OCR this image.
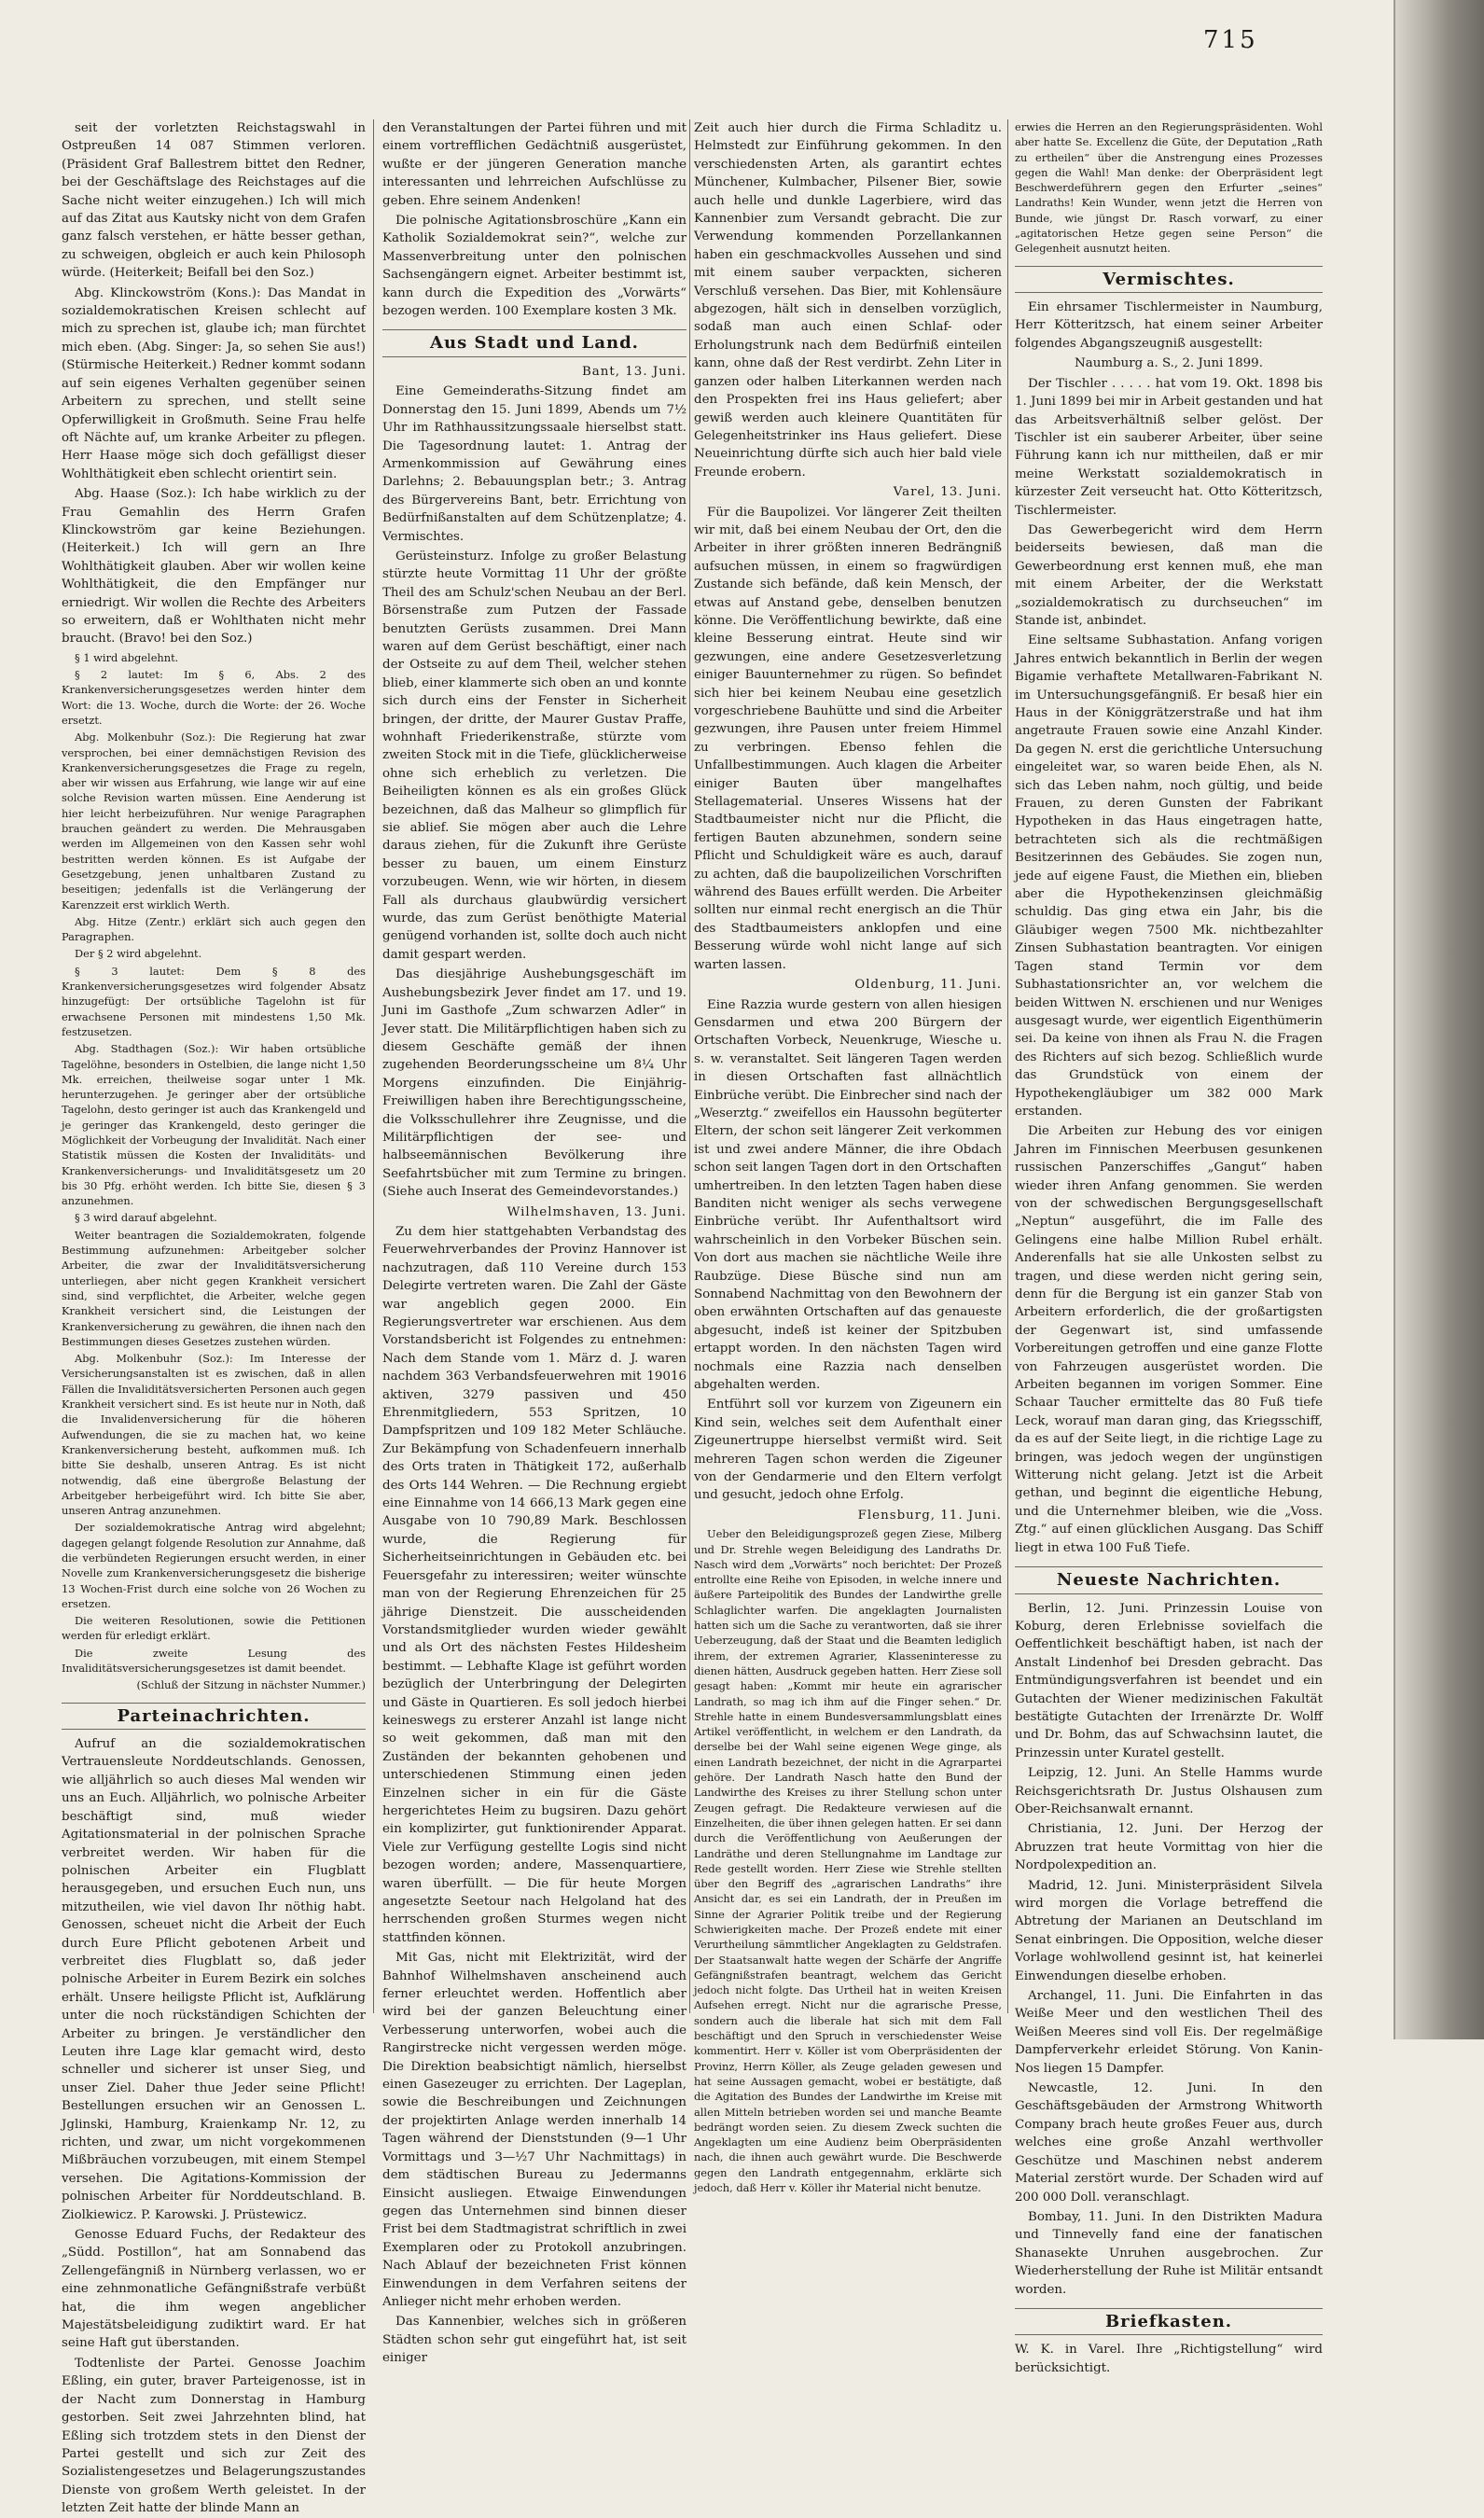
715

seit der vorletzten Reichstagswahl in Ostpreußen 14 087 Stimmen verloren. (Präsident Graf Ballestrem bittet den Redner, bei der Geschäftslage des Reichstages auf die Sache nicht weiter einzugehen.) Ich will mich auf das Zitat aus Kautsky nicht von dem Grafen ganz falsch verstehen, er hätte besser gethan, zu schweigen, obgleich er auch kein Philosoph würde. (Heiterkeit; Beifall bei den Soz.)

Abg. Klinckowström (Kons.): Das Mandat in sozialdemokratischen Kreisen schlecht auf mich zu sprechen ist, glaube ich; man fürchtet mich eben. (Abg. Singer: Ja, so sehen Sie aus!) (Stürmische Heiterkeit.) Redner kommt sodann auf sein eigenes Verhalten gegenüber seinen Arbeitern zu sprechen, und stellt seine Opferwilligkeit in Großmuth. Seine Frau helfe oft Nächte auf, um kranke Arbeiter zu pflegen. Herr Haase möge sich doch gefälligst dieser Wohlthätigkeit eben schlecht orientirt sein.

Abg. Haase (Soz.): Ich habe wirklich zu der Frau Gemahlin des Herrn Grafen Klinckowström gar keine Beziehungen. (Heiterkeit.) Ich will gern an Ihre Wohlthätigkeit glauben. Aber wir wollen keine Wohlthätigkeit, die den Empfänger nur erniedrigt. Wir wollen die Rechte des Arbeiters so erweitern, daß er Wohlthaten nicht mehr braucht. (Bravo! bei den Soz.)

§ 1 wird abgelehnt.

§ 2 lautet: Im § 6, Abs. 2 des Krankenversicherungsgesetzes werden hinter dem Wort: die 13. Woche, durch die Worte: der 26. Woche ersetzt.

Abg. Molkenbuhr (Soz.): Die Regierung hat zwar versprochen, bei einer demnächstigen Revision des Krankenversicherungsgesetzes die Frage zu regeln, aber wir wissen aus Erfahrung, wie lange wir auf eine solche Revision warten müssen. Eine Aenderung ist hier leicht herbeizuführen. Nur wenige Paragraphen brauchen geändert zu werden. Die Mehrausgaben werden im Allgemeinen von den Kassen sehr wohl bestritten werden können. Es ist Aufgabe der Gesetzgebung, jenen unhaltbaren Zustand zu beseitigen; jedenfalls ist die Verlängerung der Karenzzeit erst wirklich Werth.

Abg. Hitze (Zentr.) erklärt sich auch gegen den Paragraphen.

Der § 2 wird abgelehnt.

§ 3 lautet: Dem § 8 des Krankenversicherungsgesetzes wird folgender Absatz hinzugefügt: Der ortsübliche Tagelohn ist für erwachsene Personen mit mindestens 1,50 Mk. festzusetzen.

Abg. Stadthagen (Soz.): Wir haben ortsübliche Tagelöhne, besonders in Ostelbien, die lange nicht 1,50 Mk. erreichen, theilweise sogar unter 1 Mk. herunterzugehen. Je geringer aber der ortsübliche Tagelohn, desto geringer ist auch das Krankengeld und je geringer das Krankengeld, desto geringer die Möglichkeit der Vorbeugung der Invalidität. Nach einer Statistik müssen die Kosten der Invaliditäts- und Krankenversicherungs- und Invaliditätsgesetz um 20 bis 30 Pfg. erhöht werden. Ich bitte Sie, diesen § 3 anzunehmen.

§ 3 wird darauf abgelehnt.

Weiter beantragen die Sozialdemokraten, folgende Bestimmung aufzunehmen: Arbeitgeber solcher Arbeiter, die zwar der Invaliditätsversicherung unterliegen, aber nicht gegen Krankheit versichert sind, sind verpflichtet, die Arbeiter, welche gegen Krankheit versichert sind, die Leistungen der Krankenversicherung zu gewähren, die ihnen nach den Bestimmungen dieses Gesetzes zustehen würden.

Abg. Molkenbuhr (Soz.): Im Interesse der Versicherungsanstalten ist es zwischen, daß in allen Fällen die Invaliditätsversicherten Personen auch gegen Krankheit versichert sind. Es ist heute nur in Noth, daß die Invalidenversicherung für die höheren Aufwendungen, die sie zu machen hat, wo keine Krankenversicherung besteht, aufkommen muß. Ich bitte Sie deshalb, unseren Antrag. Es ist nicht notwendig, daß eine übergroße Belastung der Arbeitgeber herbeigeführt wird. Ich bitte Sie aber, unseren Antrag anzunehmen.

Der sozialdemokratische Antrag wird abgelehnt; dagegen gelangt folgende Resolution zur Annahme, daß die verbündeten Regierungen ersucht werden, in einer Novelle zum Krankenversicherungsgesetz die bisherige 13 Wochen-Frist durch eine solche von 26 Wochen zu ersetzen.

Die weiteren Resolutionen, sowie die Petitionen werden für erledigt erklärt.

Die zweite Lesung des Invaliditätsversicherungsgesetzes ist damit beendet.

(Schluß der Sitzung in nächster Nummer.)

Parteinachrichten.

Aufruf an die sozialdemokratischen Vertrauensleute Norddeutschlands. Genossen, wie alljährlich so auch dieses Mal wenden wir uns an Euch. Alljährlich, wo polnische Arbeiter beschäftigt sind, muß wieder Agitationsmaterial in der polnischen Sprache verbreitet werden. Wir haben für die polnischen Arbeiter ein Flugblatt herausgegeben, und ersuchen Euch nun, uns mitzutheilen, wie viel davon Ihr nöthig habt. Genossen, scheuet nicht die Arbeit der Euch durch Eure Pflicht gebotenen Arbeit und verbreitet dies Flugblatt so, daß jeder polnische Arbeiter in Eurem Bezirk ein solches erhält. Unsere heiligste Pflicht ist, Aufklärung unter die noch rückständigen Schichten der Arbeiter zu bringen. Je verständlicher den Leuten ihre Lage klar gemacht wird, desto schneller und sicherer ist unser Sieg, und unser Ziel. Daher thue Jeder seine Pflicht! Bestellungen ersuchen wir an Genossen L. Jglinski, Hamburg, Kraienkamp Nr. 12, zu richten, und zwar, um nicht vorgekommenen Mißbräuchen vorzubeugen, mit einem Stempel versehen. Die Agitations-Kommission der polnischen Arbeiter für Norddeutschland. B. Ziolkiewicz. P. Karowski. J. Prüstewicz.

Genosse Eduard Fuchs, der Redakteur des „Südd. Postillon“, hat am Sonnabend das Zellengefängniß in Nürnberg verlassen, wo er eine zehnmonatliche Gefängnißstrafe verbüßt hat, die ihm wegen angeblicher Majestätsbeleidigung zudiktirt ward. Er hat seine Haft gut überstanden.

Todtenliste der Partei. Genosse Joachim Eßling, ein guter, braver Parteigenosse, ist in der Nacht zum Donnerstag in Hamburg gestorben. Seit zwei Jahrzehnten blind, hat Eßling sich trotzdem stets in den Dienst der Partei gestellt und sich zur Zeit des Sozialistengesetzes und Belagerungszustandes Dienste von großem Werth geleistet. In der letzten Zeit hatte der blinde Mann an

den Veranstaltungen der Partei führen und mit einem vortrefflichen Gedächtniß ausgerüstet, wußte er der jüngeren Generation manche interessanten und lehrreichen Aufschlüsse zu geben. Ehre seinem Andenken!

Die polnische Agitationsbroschüre „Kann ein Katholik Sozialdemokrat sein?“, welche zur Massenverbreitung unter den polnischen Sachsengängern eignet. Arbeiter bestimmt ist, kann durch die Expedition des „Vorwärts“ bezogen werden. 100 Exemplare kosten 3 Mk.

Aus Stadt und Land.

Bant, 13. Juni.

Eine Gemeinderaths-Sitzung findet am Donnerstag den 15. Juni 1899, Abends um 7½ Uhr im Rathhaussitzungssaale hierselbst statt. Die Tagesordnung lautet: 1. Antrag der Armenkommission auf Gewährung eines Darlehns; 2. Bebauungsplan betr.; 3. Antrag des Bürgervereins Bant, betr. Errichtung von Bedürfnißanstalten auf dem Schützenplatze; 4. Vermischtes.

Gerüsteinsturz. Infolge zu großer Belastung stürzte heute Vormittag 11 Uhr der größte Theil des am Schulz'schen Neubau an der Berl. Börsenstraße zum Putzen der Fassade benutzten Gerüsts zusammen. Drei Mann waren auf dem Gerüst beschäftigt, einer nach der Ostseite zu auf dem Theil, welcher stehen blieb, einer klammerte sich oben an und konnte sich durch eins der Fenster in Sicherheit bringen, der dritte, der Maurer Gustav Praffe, wohnhaft Friederikenstraße, stürzte vom zweiten Stock mit in die Tiefe, glücklicherweise ohne sich erheblich zu verletzen. Die Beiheiligten können es als ein großes Glück bezeichnen, daß das Malheur so glimpflich für sie ablief. Sie mögen aber auch die Lehre daraus ziehen, für die Zukunft ihre Gerüste besser zu bauen, um einem Einsturz vorzubeugen. Wenn, wie wir hörten, in diesem Fall als durchaus glaubwürdig versichert wurde, das zum Gerüst benöthigte Material genügend vorhanden ist, sollte doch auch nicht damit gespart werden.

Das diesjährige Aushebungsgeschäft im Aushebungsbezirk Jever findet am 17. und 19. Juni im Gasthofe „Zum schwarzen Adler“ in Jever statt. Die Militärpflichtigen haben sich zu diesem Geschäfte gemäß der ihnen zugehenden Beorderungsscheine um 8¼ Uhr Morgens einzufinden. Die Einjährig-Freiwilligen haben ihre Berechtigungsscheine, die Volksschullehrer ihre Zeugnisse, und die Militärpflichtigen der see- und halbseemännischen Bevölkerung ihre Seefahrtsbücher mit zum Termine zu bringen. (Siehe auch Inserat des Gemeindevorstandes.)

Wilhelmshaven, 13. Juni.

Zu dem hier stattgehabten Verbandstag des Feuerwehrverbandes der Provinz Hannover ist nachzutragen, daß 110 Vereine durch 153 Delegirte vertreten waren. Die Zahl der Gäste war angeblich gegen 2000. Ein Regierungsvertreter war erschienen. Aus dem Vorstandsbericht ist Folgendes zu entnehmen: Nach dem Stande vom 1. März d. J. waren nachdem 363 Verbandsfeuerwehren mit 19016 aktiven, 3279 passiven und 450 Ehrenmitgliedern, 553 Spritzen, 10 Dampfspritzen und 109 182 Meter Schläuche. Zur Bekämpfung von Schadenfeuern innerhalb des Orts traten in Thätigkeit 172, außerhalb des Orts 144 Wehren. — Die Rechnung ergiebt eine Einnahme von 14 666,13 Mark gegen eine Ausgabe von 10 790,89 Mark. Beschlossen wurde, die Regierung für Sicherheitseinrichtungen in Gebäuden etc. bei Feuersgefahr zu interessiren; weiter wünschte man von der Regierung Ehrenzeichen für 25 jährige Dienstzeit. Die ausscheidenden Vorstandsmitglieder wurden wieder gewählt und als Ort des nächsten Festes Hildesheim bestimmt. — Lebhafte Klage ist geführt worden bezüglich der Unterbringung der Delegirten und Gäste in Quartieren. Es soll jedoch hierbei keineswegs zu ersterer Anzahl ist lange nicht so weit gekommen, daß man mit den Zuständen der bekannten gehobenen und unterschiedenen Stimmung einen jeden Einzelnen sicher in ein für die Gäste hergerichtetes Heim zu bugsiren. Dazu gehört ein komplizirter, gut funktionirender Apparat. Viele zur Verfügung gestellte Logis sind nicht bezogen worden; andere, Massenquartiere, waren überfüllt. — Die für heute Morgen angesetzte Seetour nach Helgoland hat des herrschenden großen Sturmes wegen nicht stattfinden können.

Mit Gas, nicht mit Elektrizität, wird der Bahnhof Wilhelmshaven anscheinend auch ferner erleuchtet werden. Hoffentlich aber wird bei der ganzen Beleuchtung einer Verbesserung unterworfen, wobei auch die Rangirstrecke nicht vergessen werden möge. Die Direktion beabsichtigt nämlich, hierselbst einen Gasezeuger zu errichten. Der Lageplan, sowie die Beschreibungen und Zeichnungen der projektirten Anlage werden innerhalb 14 Tagen während der Dienststunden (9—1 Uhr Vormittags und 3—½7 Uhr Nachmittags) in dem städtischen Bureau zu Jedermanns Einsicht ausliegen. Etwaige Einwendungen gegen das Unternehmen sind binnen dieser Frist bei dem Stadtmagistrat schriftlich in zwei Exemplaren oder zu Protokoll anzubringen. Nach Ablauf der bezeichneten Frist können Einwendungen in dem Verfahren seitens der Anlieger nicht mehr erhoben werden.

Das Kannenbier, welches sich in größeren Städten schon sehr gut eingeführt hat, ist seit einiger

Zeit auch hier durch die Firma Schladitz u. Helmstedt zur Einführung gekommen. In den verschiedensten Arten, als garantirt echtes Münchener, Kulmbacher, Pilsener Bier, sowie auch helle und dunkle Lagerbiere, wird das Kannenbier zum Versandt gebracht. Die zur Verwendung kommenden Porzellankannen haben ein geschmackvolles Aussehen und sind mit einem sauber verpackten, sicheren Verschluß versehen. Das Bier, mit Kohlensäure abgezogen, hält sich in denselben vorzüglich, sodaß man auch einen Schlaf- oder Erholungstrunk nach dem Bedürfniß einteilen kann, ohne daß der Rest verdirbt. Zehn Liter in ganzen oder halben Literkannen werden nach den Prospekten frei ins Haus geliefert; aber gewiß werden auch kleinere Quantitäten für Gelegenheitstrinker ins Haus geliefert. Diese Neueinrichtung dürfte sich auch hier bald viele Freunde erobern.

Varel, 13. Juni.

Für die Baupolizei. Vor längerer Zeit theilten wir mit, daß bei einem Neubau der Ort, den die Arbeiter in ihrer größten inneren Bedrängniß aufsuchen müssen, in einem so fragwürdigen Zustande sich befände, daß kein Mensch, der etwas auf Anstand gebe, denselben benutzen könne. Die Veröffentlichung bewirkte, daß eine kleine Besserung eintrat. Heute sind wir gezwungen, eine andere Gesetzesverletzung einiger Bauunternehmer zu rügen. So befindet sich hier bei keinem Neubau eine gesetzlich vorgeschriebene Bauhütte und sind die Arbeiter gezwungen, ihre Pausen unter freiem Himmel zu verbringen. Ebenso fehlen die Unfallbestimmungen. Auch klagen die Arbeiter einiger Bauten über mangelhaftes Stellagematerial. Unseres Wissens hat der Stadtbaumeister nicht nur die Pflicht, die fertigen Bauten abzunehmen, sondern seine Pflicht und Schuldigkeit wäre es auch, darauf zu achten, daß die baupolizeilichen Vorschriften während des Baues erfüllt werden. Die Arbeiter sollten nur einmal recht energisch an die Thür des Stadtbaumeisters anklopfen und eine Besserung würde wohl nicht lange auf sich warten lassen.

Oldenburg, 11. Juni.

Eine Razzia wurde gestern von allen hiesigen Gensdarmen und etwa 200 Bürgern der Ortschaften Vorbeck, Neuenkruge, Wiesche u. s. w. veranstaltet. Seit längeren Tagen werden in diesen Ortschaften fast allnächtlich Einbrüche verübt. Die Einbrecher sind nach der „Weserztg.“ zweifellos ein Haussohn begüterter Eltern, der schon seit längerer Zeit verkommen ist und zwei andere Männer, die ihre Obdach schon seit langen Tagen dort in den Ortschaften umhertreiben. In den letzten Tagen haben diese Banditen nicht weniger als sechs verwegene Einbrüche verübt. Ihr Aufenthaltsort wird wahrscheinlich in den Vorbeker Büschen sein. Von dort aus machen sie nächtliche Weile ihre Raubzüge. Diese Büsche sind nun am Sonnabend Nachmittag von den Bewohnern der oben erwähnten Ortschaften auf das genaueste abgesucht, indeß ist keiner der Spitzbuben ertappt worden. In den nächsten Tagen wird nochmals eine Razzia nach denselben abgehalten werden.

Entführt soll vor kurzem von Zigeunern ein Kind sein, welches seit dem Aufenthalt einer Zigeunertruppe hierselbst vermißt wird. Seit mehreren Tagen schon werden die Zigeuner von der Gendarmerie und den Eltern verfolgt und gesucht, jedoch ohne Erfolg.

Flensburg, 11. Juni.

Ueber den Beleidigungsprozeß gegen Ziese, Milberg und Dr. Strehle wegen Beleidigung des Landraths Dr. Nasch wird dem „Vorwärts“ noch berichtet: Der Prozeß entrollte eine Reihe von Episoden, in welche innere und äußere Parteipolitik des Bundes der Landwirthe grelle Schlaglichter warfen. Die angeklagten Journalisten hatten sich um die Sache zu verantworten, daß sie ihrer Ueberzeugung, daß der Staat und die Beamten lediglich ihrem, der extremen Agrarier, Klasseninteresse zu dienen hätten, Ausdruck gegeben hatten. Herr Ziese soll gesagt haben: „Kommt mir heute ein agrarischer Landrath, so mag ich ihm auf die Finger sehen.“ Dr. Strehle hatte in einem Bundesversammlungsblatt eines Artikel veröffentlicht, in welchem er den Landrath, da derselbe bei der Wahl seine eigenen Wege ginge, als einen Landrath bezeichnet, der nicht in die Agrarpartei gehöre. Der Landrath Nasch hatte den Bund der Landwirthe des Kreises zu ihrer Stellung schon unter Zeugen gefragt. Die Redakteure verwiesen auf die Einzelheiten, die über ihnen gelegen hatten. Er sei dann durch die Veröffentlichung von Aeußerungen der Landräthe und deren Stellungnahme im Landtage zur Rede gestellt worden. Herr Ziese wie Strehle stellten über den Begriff des „agrarischen Landraths“ ihre Ansicht dar, es sei ein Landrath, der in Preußen im Sinne der Agrarier Politik treibe und der Regierung Schwierigkeiten mache. Der Prozeß endete mit einer Verurtheilung sämmtlicher Angeklagten zu Geldstrafen. Der Staatsanwalt hatte wegen der Schärfe der Angriffe Gefängnißstrafen beantragt, welchem das Gericht jedoch nicht folgte. Das Urtheil hat in weiten Kreisen Aufsehen erregt. Nicht nur die agrarische Presse, sondern auch die liberale hat sich mit dem Fall beschäftigt und den Spruch in verschiedenster Weise kommentirt. Herr v. Köller ist vom Oberpräsidenten der Provinz, Herrn Köller, als Zeuge geladen gewesen und hat seine Aussagen gemacht, wobei er bestätigte, daß die Agitation des Bundes der Landwirthe im Kreise mit allen Mitteln betrieben worden sei und manche Beamte bedrängt worden seien. Zu diesem Zweck suchten die Angeklagten um eine Audienz beim Oberpräsidenten nach, die ihnen auch gewährt wurde. Die Beschwerde gegen den Landrath entgegennahm, erklärte sich jedoch, daß Herr v. Köller ihr Material nicht benutze.

erwies die Herren an den Regierungspräsidenten. Wohl aber hatte Se. Excellenz die Güte, der Deputation „Rath zu ertheilen“ über die Anstrengung eines Prozesses gegen die Wahl! Man denke: der Oberpräsident legt Beschwerdeführern gegen den Erfurter „seines“ Landraths! Kein Wunder, wenn jetzt die Herren von Bunde, wie jüngst Dr. Rasch vorwarf, zu einer „agitatorischen Hetze gegen seine Person“ die Gelegenheit ausnutzt heiten.

Vermischtes.

Ein ehrsamer Tischlermeister in Naumburg, Herr Kötteritzsch, hat einem seiner Arbeiter folgendes Abgangszeugniß ausgestellt:

Naumburg a. S., 2. Juni 1899.

Der Tischler . . . . . hat vom 19. Okt. 1898 bis 1. Juni 1899 bei mir in Arbeit gestanden und hat das Arbeitsverhältniß selber gelöst. Der Tischler ist ein sauberer Arbeiter, über seine Führung kann ich nur mittheilen, daß er mir meine Werkstatt sozialdemokratisch in kürzester Zeit verseucht hat. Otto Kötteritzsch, Tischlermeister.

Das Gewerbegericht wird dem Herrn beiderseits bewiesen, daß man die Gewerbeordnung erst kennen muß, ehe man mit einem Arbeiter, der die Werkstatt „sozialdemokratisch zu durchseuchen“ im Stande ist, anbindet.

Eine seltsame Subhastation. Anfang vorigen Jahres entwich bekanntlich in Berlin der wegen Bigamie verhaftete Metallwaren-Fabrikant N. im Untersuchungsgefängniß. Er besaß hier ein Haus in der Königgrätzerstraße und hat ihm angetraute Frauen sowie eine Anzahl Kinder. Da gegen N. erst die gerichtliche Untersuchung eingeleitet war, so waren beide Ehen, als N. sich das Leben nahm, noch gültig, und beide Frauen, zu deren Gunsten der Fabrikant Hypotheken in das Haus eingetragen hatte, betrachteten sich als die rechtmäßigen Besitzerinnen des Gebäudes. Sie zogen nun, jede auf eigene Faust, die Miethen ein, blieben aber die Hypothekenzinsen gleichmäßig schuldig. Das ging etwa ein Jahr, bis die Gläubiger wegen 7500 Mk. nichtbezahlter Zinsen Subhastation beantragten. Vor einigen Tagen stand Termin vor dem Subhastationsrichter an, vor welchem die beiden Wittwen N. erschienen und nur Weniges ausgesagt wurde, wer eigentlich Eigenthümerin sei. Da keine von ihnen als Frau N. die Fragen des Richters auf sich bezog. Schließlich wurde das Grundstück von einem der Hypothekengläubiger um 382 000 Mark erstanden.

Die Arbeiten zur Hebung des vor einigen Jahren im Finnischen Meerbusen gesunkenen russischen Panzerschiffes „Gangut“ haben wieder ihren Anfang genommen. Sie werden von der schwedischen Bergungsgesellschaft „Neptun“ ausgeführt, die im Falle des Gelingens eine halbe Million Rubel erhält. Anderenfalls hat sie alle Unkosten selbst zu tragen, und diese werden nicht gering sein, denn für die Bergung ist ein ganzer Stab von Arbeitern erforderlich, die der großartigsten der Gegenwart ist, sind umfassende Vorbereitungen getroffen und eine ganze Flotte von Fahrzeugen ausgerüstet worden. Die Arbeiten begannen im vorigen Sommer. Eine Schaar Taucher ermittelte das 80 Fuß tiefe Leck, worauf man daran ging, das Kriegsschiff, da es auf der Seite liegt, in die richtige Lage zu bringen, was jedoch wegen der ungünstigen Witterung nicht gelang. Jetzt ist die Arbeit gethan, und beginnt die eigentliche Hebung, und die Unternehmer bleiben, wie die „Voss. Ztg.“ auf einen glücklichen Ausgang. Das Schiff liegt in etwa 100 Fuß Tiefe.

Neueste Nachrichten.

Berlin, 12. Juni. Prinzessin Louise von Koburg, deren Erlebnisse sovielfach die Oeffentlichkeit beschäftigt haben, ist nach der Anstalt Lindenhof bei Dresden gebracht. Das Entmündigungsverfahren ist beendet und ein Gutachten der Wiener medizinischen Fakultät bestätigte Gutachten der Irrenärzte Dr. Wolff und Dr. Bohm, das auf Schwachsinn lautet, die Prinzessin unter Kuratel gestellt.

Leipzig, 12. Juni. An Stelle Hamms wurde Reichsgerichtsrath Dr. Justus Olshausen zum Ober-Reichsanwalt ernannt.

Christiania, 12. Juni. Der Herzog der Abruzzen trat heute Vormittag von hier die Nordpolexpedition an.

Madrid, 12. Juni. Ministerpräsident Silvela wird morgen die Vorlage betreffend die Abtretung der Marianen an Deutschland im Senat einbringen. Die Opposition, welche dieser Vorlage wohlwollend gesinnt ist, hat keinerlei Einwendungen dieselbe erhoben.

Archangel, 11. Juni. Die Einfahrten in das Weiße Meer und den westlichen Theil des Weißen Meeres sind voll Eis. Der regelmäßige Dampferverkehr erleidet Störung. Von Kanin-Nos liegen 15 Dampfer.

Newcastle, 12. Juni. In den Geschäftsgebäuden der Armstrong Whitworth Company brach heute großes Feuer aus, durch welches eine große Anzahl werthvoller Geschütze und Maschinen nebst anderem Material zerstört wurde. Der Schaden wird auf 200 000 Doll. veranschlagt.

Bombay, 11. Juni. In den Distrikten Madura und Tinnevelly fand eine der fanatischen Shanasekte Unruhen ausgebrochen. Zur Wiederherstellung der Ruhe ist Militär entsandt worden.

Briefkasten.

W. K. in Varel. Ihre „Richtigstellung“ wird berücksichtigt.
